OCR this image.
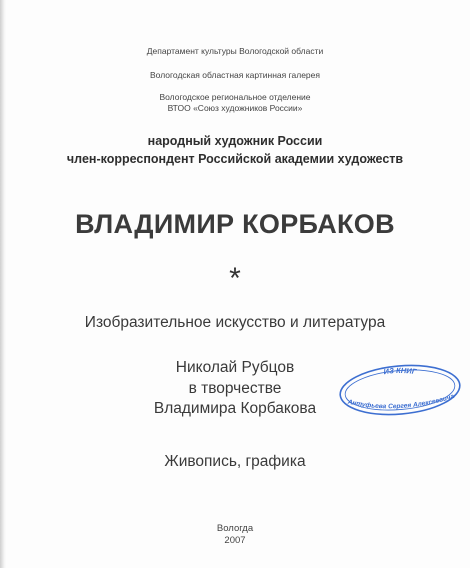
Департамент культуры Вологодской области
Вологодская областная картинная галерея
Вологодское региональное отделение
ВТОО «Союз художников России»
народный художник России
член-корреспондент Российской академии художеств
ВЛАДИМИР КОРБАКОВ
*
Изобразительное искусство и литература
Николай Рубцов
в творчестве
Владимира Корбакова
Живопись, графика
Вологда
2007
ИЗ КНИГ
Антуфьева Сергея Алексеевича
